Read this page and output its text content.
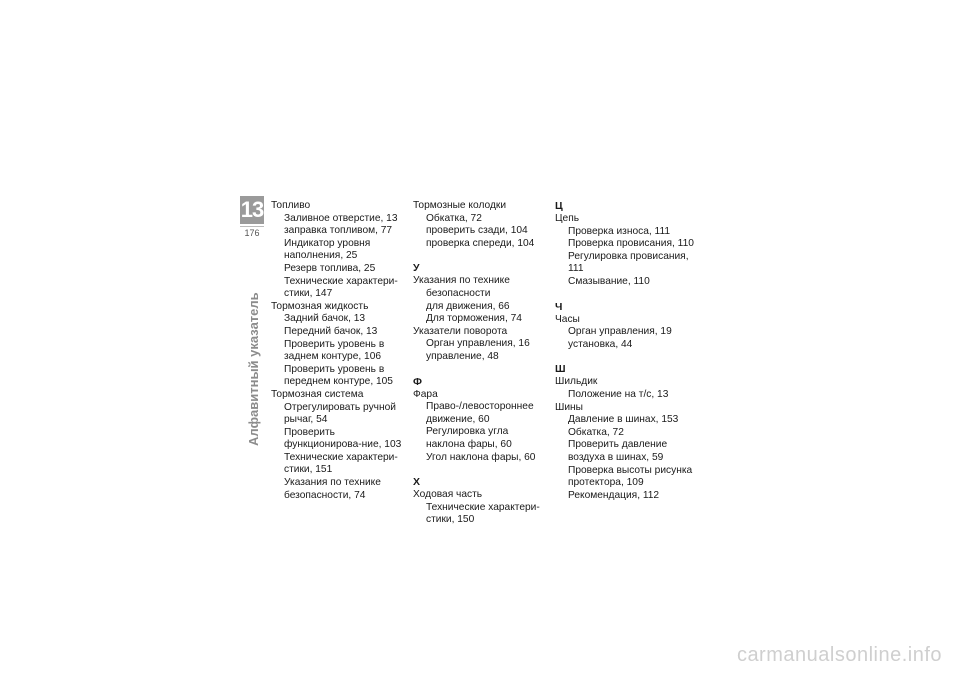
13
176
Алфавитный указатель
Топливо
Заливное отверстие, 13
заправка топливом, 77
Индикатор уровня наполнения, 25
Резерв топлива, 25
Технические характери-стики, 147
Тормозная жидкость
Задний бачок, 13
Передний бачок, 13
Проверить уровень в заднем контуре, 106
Проверить уровень в переднем контуре, 105
Тормозная система
Отрегулировать ручной рычаг, 54
Проверить функционирова-ние, 103
Технические характери-стики, 151
Указания по технике безопасности, 74
Тормозные колодки
Обкатка, 72
проверить сзади, 104
проверка спереди, 104
У
Указания по технике
безопасности
для движения, 66
Для торможения, 74
Указатели поворота
Орган управления, 16
управление, 48
Ф
Фара
Право-/левостороннее движение, 60
Регулировка угла наклона фары, 60
Угол наклона фары, 60
Х
Ходовая часть
Технические характери-стики, 150
Ц
Цепь
Проверка износа, 111
Проверка провисания, 110
Регулировка провисания, 111
Смазывание, 110
Ч
Часы
Орган управления, 19
установка, 44
Ш
Шильдик
Положение на т/с, 13
Шины
Давление в шинах, 153
Обкатка, 72
Проверить давление воздуха в шинах, 59
Проверка высоты рисунка протектора, 109
Рекомендация, 112
carmanualsonline.info
